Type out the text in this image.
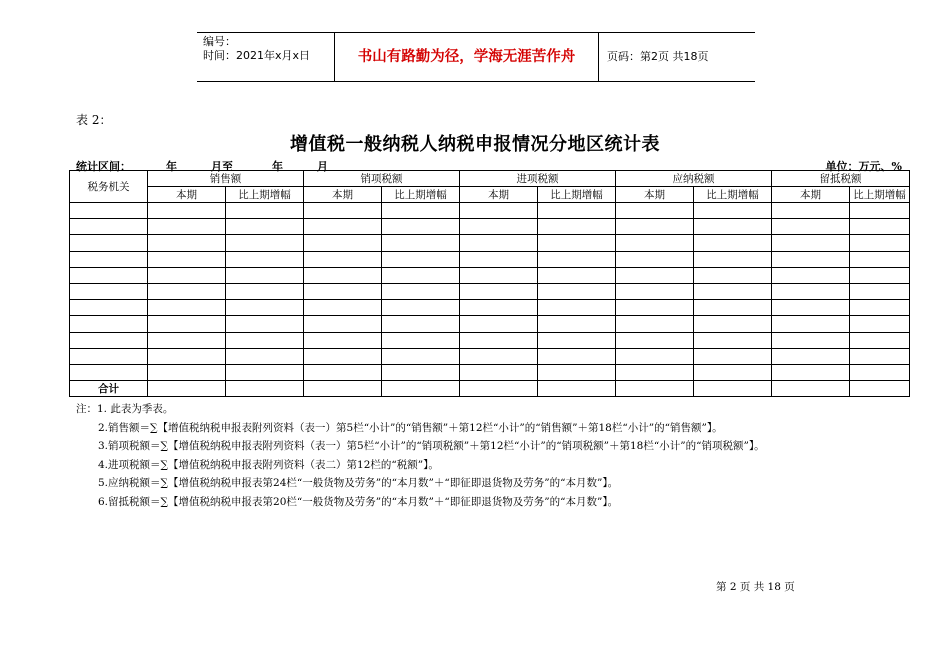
编号：
时间：2021年x月x日	书山有路勤为径，学海无涯苦作舟	页码：第2页 共18页
表 2：
增值税一般纳税人纳税申报情况分地区统计表
统计区间：	年	月至	年	月	单位：万元、%
税务机关	销售额		销项税额		进项税额		应纳税额		留抵税额	
	本期	比上期增幅	本期	比上期增幅	本期	比上期增幅	本期	比上期增幅	本期	比上期增幅

合计										
注：1. 此表为季表。
2.销售额＝∑【增值税纳税申报表附列资料（表一）第5栏“小计”的“销售额”＋第12栏“小计”的“销售额”＋第18栏“小计”的“销售额”】。
3.销项税额＝∑【增值税纳税申报表附列资料（表一）第5栏“小计”的“销项税额”＋第12栏“小计”的“销项税额”＋第18栏“小计”的“销项税额”】。
4.进项税额＝∑【增值税纳税申报表附列资料（表二）第12栏的“税额”】。
5.应纳税额＝∑【增值税纳税申报表第24栏“一般货物及劳务”的“本月数”＋“即征即退货物及劳务”的“本月数”】。
6.留抵税额＝∑【增值税纳税申报表第20栏“一般货物及劳务”的“本月数”＋“即征即退货物及劳务”的“本月数”】。
第 2 页 共 18 页
